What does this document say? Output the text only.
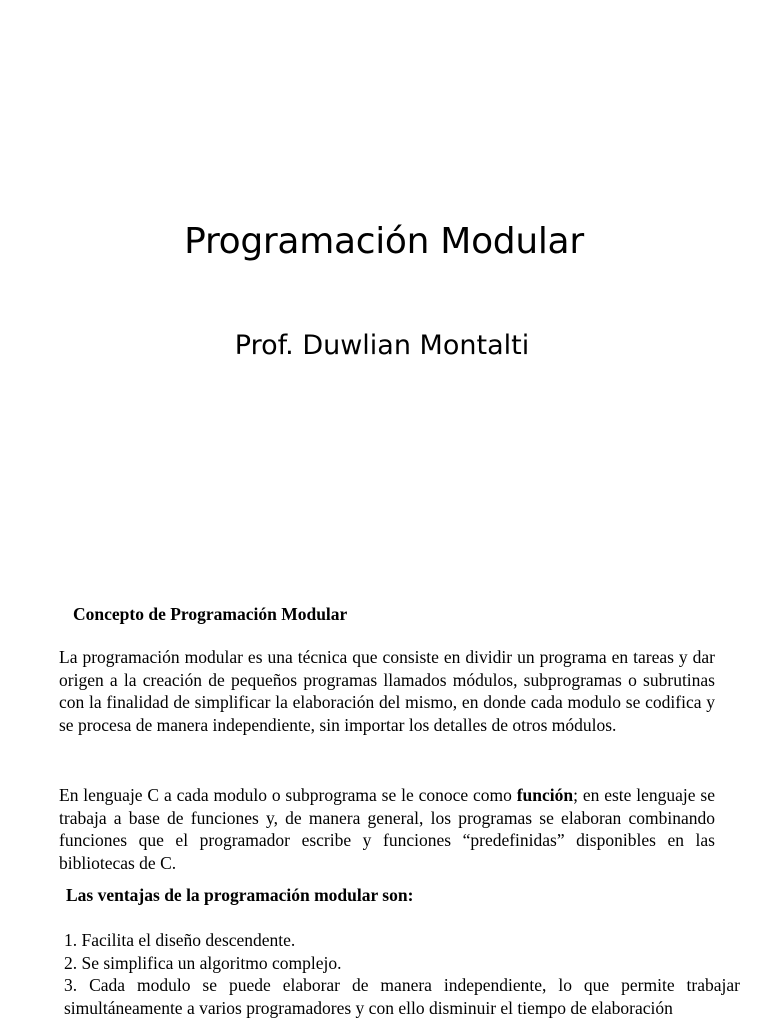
Programación Modular
Prof. Duwlian Montalti
Concepto de Programación Modular

La programación modular es una técnica que consiste en dividir un programa en tareas y dar origen a la creación de pequeños programas llamados módulos, subprogramas o subrutinas con la finalidad de simplificar la elaboración del mismo, en donde cada modulo se codifica y se procesa de manera independiente, sin importar los detalles de otros módulos.

En lenguaje C a cada modulo o subprograma se le conoce como función; en este lenguaje se trabaja a base de funciones y, de manera general, los programas se elaboran combinando funciones que el programador escribe y funciones “predefinidas” disponibles en las bibliotecas de C.

Las ventajas de la programación modular son:
1. Facilita el diseño descendente.
2. Se simplifica un algoritmo complejo.
3. Cada modulo se puede elaborar de manera independiente, lo que permite trabajar simultáneamente a varios programadores y con ello disminuir el tiempo de elaboración
